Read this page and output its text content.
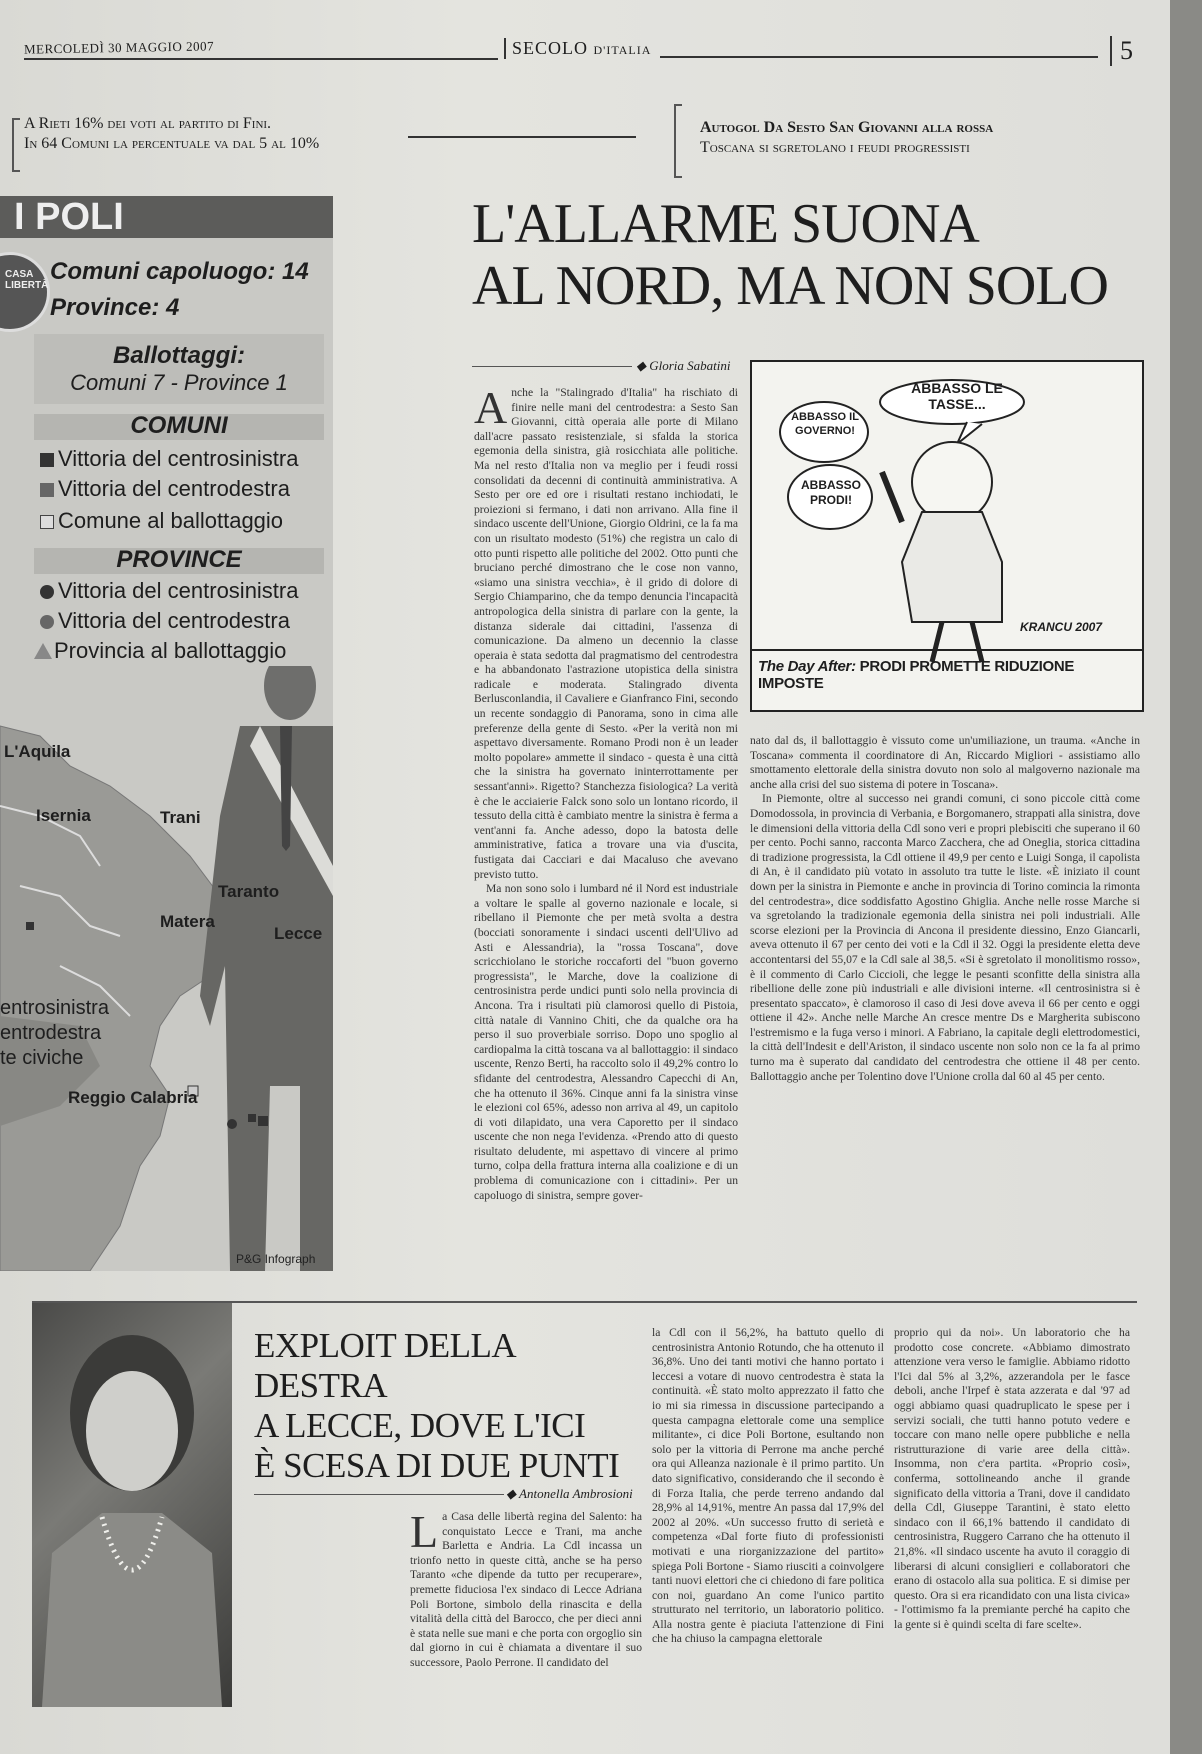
MERCOLEDÌ 30 MAGGIO 2007	SECOLO D'ITALIA	5
A Rieti 16% dei voti al partito di Fini.
In 64 Comuni la percentuale va dal 5 al 10%
Autogol Da Sesto San Giovanni alla rossa
Toscana si sgretolano i feudi progressisti
I POLI
CASA LIBERTÀ
Comuni capoluogo: 14
Province: 4
Ballottaggi:
Comuni 7 - Province 1
COMUNI
Vittoria del centrosinistra
Vittoria del centrodestra
Comune al ballottaggio
PROVINCE
Vittoria del centrosinistra
Vittoria del centrodestra
Provincia al ballottaggio
L'Aquila
Isernia	Trani
Taranto
Matera
Lecce
Reggio Calabria
entrosinistra
entrodestra
te civiche
P&G Infograph
L'ALLARME SUONA
AL NORD, MA NON SOLO
◆ Gloria Sabatini
A nche la "Stalingrado d'Italia" ha rischiato di finire nelle mani del centrodestra: a Sesto San Giovanni, città operaia alle porte di Milano dall'acre passato resistenziale, si sfalda la storica egemonia della sinistra, già rosicchiata alle politiche. Ma nel resto d'Italia non va meglio per i feudi rossi consolidati da decenni di continuità amministrativa. A Sesto per ore ed ore i risultati restano inchiodati, le proiezioni si fermano, i dati non arrivano. Alla fine il sindaco uscente dell'Unione, Giorgio Oldrini, ce la fa ma con un risultato modesto (51%) che registra un calo di otto punti rispetto alle politiche del 2002. Otto punti che bruciano perché dimostrano che le cose non vanno, «siamo una sinistra vecchia», è il grido di dolore di Sergio Chiamparino, che da tempo denuncia l'incapacità antropologica della sinistra di parlare con la gente, la distanza siderale dai cittadini, l'assenza di comunicazione. Da almeno un decennio la classe operaia è stata sedotta dal pragmatismo del centrodestra e ha abbandonato l'astrazione utopistica della sinistra radicale e moderata. Stalingrado diventa Berlusconlandia, il Cavaliere e Gianfranco Fini, secondo un recente sondaggio di Panorama, sono in cima alle preferenze della gente di Sesto. «Per la verità non mi aspettavo diversamente. Romano Prodi non è un leader molto popolare» ammette il sindaco - questa è una città che la sinistra ha governato ininterrottamente per sessant'anni». Rigetto? Stanchezza fisiologica? La verità è che le acciaierie Falck sono solo un lontano ricordo, il tessuto della città è cambiato mentre la sinistra è ferma a vent'anni fa. Anche adesso, dopo la batosta delle amministrative, fatica a trovare una via d'uscita, fustigata dai Cacciari e dai Macaluso che avevano previsto tutto.

Ma non sono solo i lumbard né il Nord est industriale a voltare le spalle al governo nazionale e locale, si ribellano il Piemonte che per metà svolta a destra (bocciati sonoramente i sindaci uscenti dell'Ulivo ad Asti e Alessandria), la "rossa Toscana", dove scricchiolano le storiche roccaforti del "buon governo progressista", le Marche, dove la coalizione di centrosinistra perde undici punti solo nella provincia di Ancona. Tra i risultati più clamorosi quello di Pistoia, città natale di Vannino Chiti, che da qualche ora ha perso il suo proverbiale sorriso. Dopo uno spoglio al cardiopalma la città toscana va al ballottaggio: il sindaco uscente, Renzo Berti, ha raccolto solo il 49,2% contro lo sfidante del centrodestra, Alessandro Capecchi di An, che ha ottenuto il 36%. Cinque anni fa la sinistra vinse le elezioni col 65%, adesso non arriva al 49, un capitolo di voti dilapidato, una vera Caporetto per il sindaco uscente che non nega l'evidenza. «Prendo atto di questo risultato deludente, mi aspettavo di vincere al primo turno, colpa della frattura interna alla coalizione e di un problema di comunicazione con i cittadini». Per un capoluogo di sinistra, sempre gover-

ABBASSO LE TASSE...
ABBASSO IL GOVERNO!
ABBASSO PRODI!
KRANCU 2007
The Day After: PRODI PROMETTE RIDUZIONE IMPOSTE

nato dal ds, il ballottaggio è vissuto come un'umiliazione, un trauma. «Anche in Toscana» commenta il coordinatore di An, Riccardo Migliori - assistiamo allo smottamento elettorale della sinistra dovuto non solo al malgoverno nazionale ma anche alla crisi del suo sistema di potere in Toscana».

In Piemonte, oltre al successo nei grandi comuni, ci sono piccole città come Domodossola, in provincia di Verbania, e Borgomanero, strappati alla sinistra, dove le dimensioni della vittoria della Cdl sono veri e propri plebisciti che superano il 60 per cento. Pochi sanno, racconta Marco Zacchera, che ad Oneglia, storica cittadina di tradizione progressista, la Cdl ottiene il 49,9 per cento e Luigi Songa, il capolista di An, è il candidato più votato in assoluto tra tutte le liste. «È iniziato il count down per la sinistra in Piemonte e anche in provincia di Torino comincia la rimonta del centrodestra», dice soddisfatto Agostino Ghiglia. Anche nelle rosse Marche si va sgretolando la tradizionale egemonia della sinistra nei poli industriali. Alle scorse elezioni per la Provincia di Ancona il presidente diessino, Enzo Giancarli, aveva ottenuto il 67 per cento dei voti e la Cdl il 32. Oggi la presidente eletta deve accontentarsi del 55,07 e la Cdl sale al 38,5. «Si è sgretolato il monolitismo rosso», è il commento di Carlo Ciccioli, che legge le pesanti sconfitte della sinistra alla ribellione delle zone più industriali e alle divisioni interne. «Il centrosinistra si è presentato spaccato», è clamoroso il caso di Jesi dove aveva il 66 per cento e oggi ottiene il 42». Anche nelle Marche An cresce mentre Ds e Margherita subiscono l'estremismo e la fuga verso i minori. A Fabriano, la capitale degli elettrodomestici, la città dell'Indesit e dell'Ariston, il sindaco uscente non solo non ce la fa al primo turno ma è superato dal candidato del centrodestra che ottiene il 48 per cento. Ballottaggio anche per Tolentino dove l'Unione crolla dal 60 al 45 per cento.

EXPLOIT DELLA DESTRA
A LECCE, DOVE L'ICI
È SCESA DI DUE PUNTI
◆ Antonella Ambrosioni
L a Casa delle libertà regina del Salento: ha conquistato Lecce e Trani, ma anche Barletta e Andria. La Cdl incassa un trionfo netto in queste città, anche se ha perso Taranto «che dipende da tutto per recuperare», premette fiduciosa l'ex sindaco di Lecce Adriana Poli Bortone, simbolo della rinascita e della vitalità della città del Barocco, che per dieci anni è stata nelle sue mani e che porta con orgoglio sin dal giorno in cui è chiamata a diventare il suo successore, Paolo Perrone. Il candidato del

la Cdl con il 56,2%, ha battuto quello di centrosinistra Antonio Rotundo, che ha ottenuto il 36,8%. Uno dei tanti motivi che hanno portato i leccesi a votare di nuovo centrodestra è stata la continuità. «È stato molto apprezzato il fatto che io mi sia rimessa in discussione partecipando a questa campagna elettorale come una semplice militante», ci dice Poli Bortone, esultando non solo per la vittoria di Perrone ma anche perché ora qui Alleanza nazionale è il primo partito. Un dato significativo, considerando che il secondo è di Forza Italia, che perde terreno andando dal 28,9% al 14,91%, mentre An passa dal 17,9% del 2002 al 20%. «Un successo frutto di serietà e competenza «Dal forte fiuto di professionisti motivati e una riorganizzazione del partito» spiega Poli Bortone - Siamo riusciti a coinvolgere tanti nuovi elettori che ci chiedono di fare politica con noi, guardano An come l'unico partito strutturato nel territorio, un laboratorio politico. Alla nostra gente è piaciuta l'attenzione di Fini che ha chiuso la campagna elettorale

proprio qui da noi». Un laboratorio che ha prodotto cose concrete. «Abbiamo dimostrato attenzione vera verso le famiglie. Abbiamo ridotto l'Ici dal 5% al 3,2%, azzerandola per le fasce deboli, anche l'Irpef è stata azzerata e dal '97 ad oggi abbiamo quasi quadruplicato le spese per i servizi sociali, che tutti hanno potuto vedere e toccare con mano nelle opere pubbliche e nella ristrutturazione di varie aree della città». Insomma, non c'era partita. «Proprio così», conferma, sottolineando anche il grande significato della vittoria a Trani, dove il candidato della Cdl, Giuseppe Tarantini, è stato eletto sindaco con il 66,1% battendo il candidato di centrosinistra, Ruggero Carrano che ha ottenuto il 21,8%. «Il sindaco uscente ha avuto il coraggio di liberarsi di alcuni consiglieri e collaboratori che erano di ostacolo alla sua politica. E si dimise per questo. Ora si era ricandidato con una lista civica» - l'ottimismo fa la premiante perché ha capito che la gente si è quindi scelta di fare scelte».
